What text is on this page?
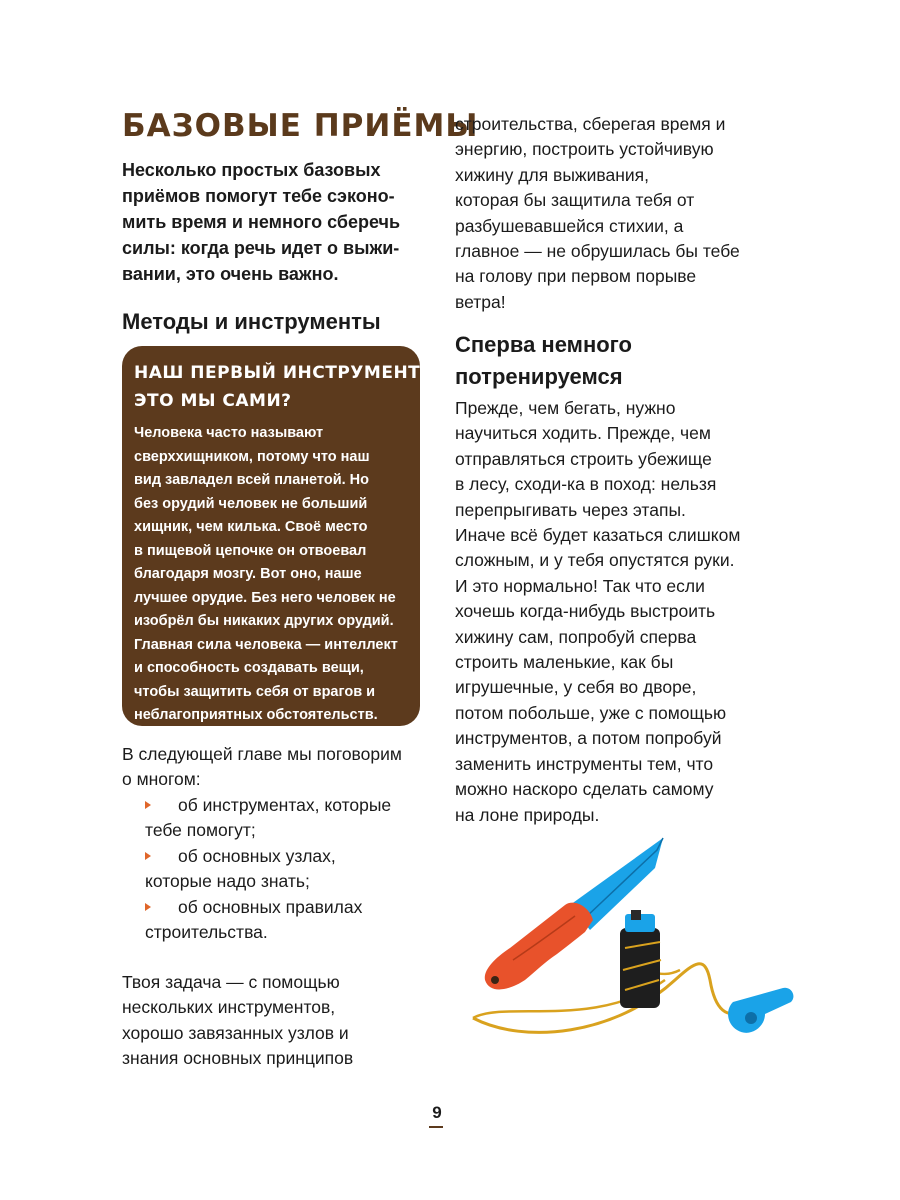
БАЗОВЫЕ ПРИЁМЫ

Несколько простых базовых
приёмов помогут тебе сэконо-
мить время и немного сберечь
силы: когда речь идет о выжи-
вании, это очень важно.

Методы и инструменты
НАШ ПЕРВЫЙ ИНСТРУМЕНТ…
ЭТО МЫ САМИ?

Человека часто называют
сверххищником, потому что наш
вид завладел всей планетой. Но
без орудий человек не больший
хищник, чем килька. Своё место
в пищевой цепочке он отвоевал
благодаря мозгу. Вот оно, наше
лучшее орудие. Без него человек не
изобрёл бы никаких других орудий.
Главная сила человека — интеллект
и способность создавать вещи,
чтобы защитить себя от врагов и
неблагоприятных обстоятельств.

В следующей главе мы поговорим
о многом:

об инструментах, которые
тебе помогут;
об основных узлах,
которые надо знать;
об основных правилах
строительства.

Твоя задача — с помощью
нескольких инструментов,
хорошо завязанных узлов и
знания основных принципов

строительства, сберегая время и
энергию, построить устойчивую
хижину для выживания,
которая бы защитила тебя от
разбушевавшейся стихии, а
главное — не обрушилась бы тебе
на голову при первом порыве
ветра!

Сперва немного
потренируемся

Прежде, чем бегать, нужно
научиться ходить. Прежде, чем
отправляться строить убежище
в лесу, сходи-ка в поход: нельзя
перепрыгивать через этапы.
Иначе всё будет казаться слишком
сложным, и у тебя опустятся руки.
И это нормально! Так что если
хочешь когда-нибудь выстроить
хижину сам, попробуй сперва
строить маленькие, как бы
игрушечные, у себя во дворе,
потом побольше, уже с помощью
инструментов, а потом попробуй
заменить инструменты тем, что
можно наскоро сделать самому
на лоне природы.

9
